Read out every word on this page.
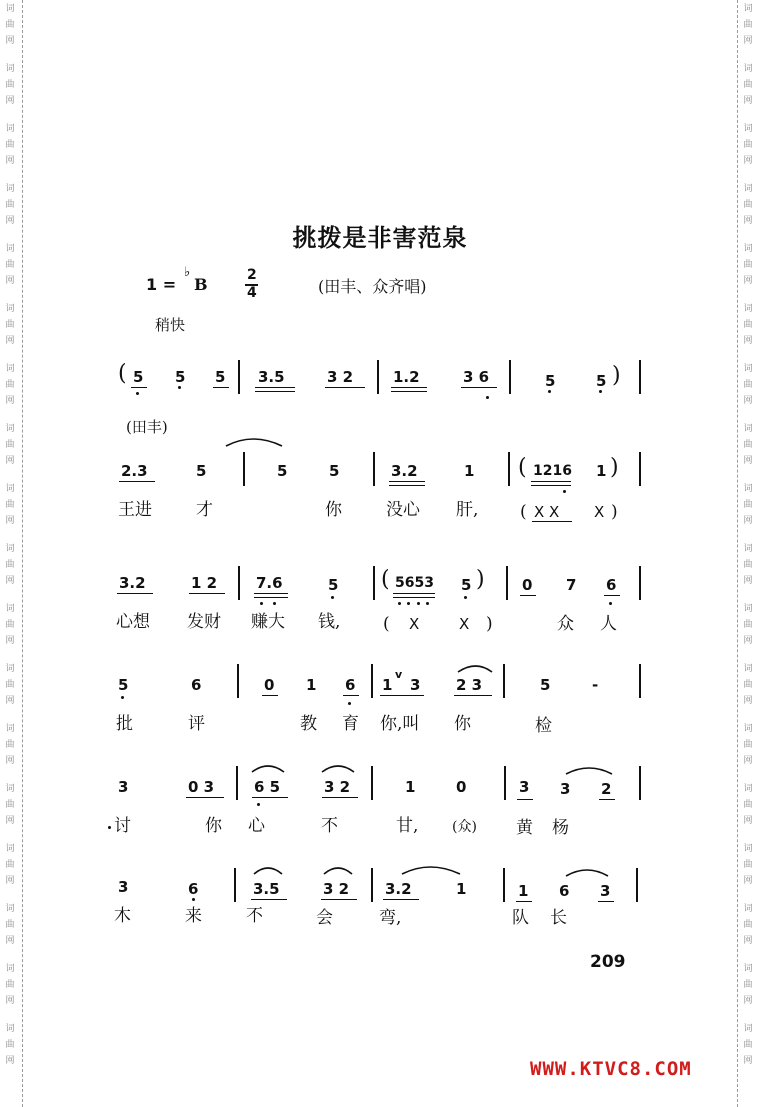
词
曲
网
词
曲
网
词
曲
网
词
曲
网
词
曲
网
词
曲
网
词
曲
网
词
曲
网
词
曲
网
词
曲
网
词
曲
网
词
曲
网
词
曲
网
词
曲
网
词
曲
网
词
曲
网
词
曲
网
词
曲
网
词
曲
网
词
曲
网
词
曲
网
词
曲
网
词
曲
网
词
曲
网
词
曲
网
词
曲
网
词
曲
网
词
曲
网
词
曲
网
词
曲
网
词
曲
网
词
曲
网
词
曲
网
词
曲
网
词
曲
网
词
曲
网
挑拨是非害范泉
1 =
♭
B	2
4	(田丰、众齐唱)
稍快
( 5 5 5 3.5	3 2	1.2	3 6	5	5 )
(田丰)
2.3	5	5	5	3.2	1 ( 1216 1 )
王进	才	你	没心 肝, ( X X X )
3.2	1 2	7.6	5 ( 5653 5 ) 0 7 6
心想 发财 赚大 钱,	( X	X )	众 人
5	6	0 1 6 1
v
3 2 3	5	-
批	评	教 育 你,叫 你	检
3	0 3	6 5	3 2	1	0	3 3 2
讨	你 心	不	甘, (众) 黄 杨
3	6	3.5	3 2 3.2	1	1 6 3
木	来	不	会	弯,	队 长
209
WWW.KTVC8.COM
